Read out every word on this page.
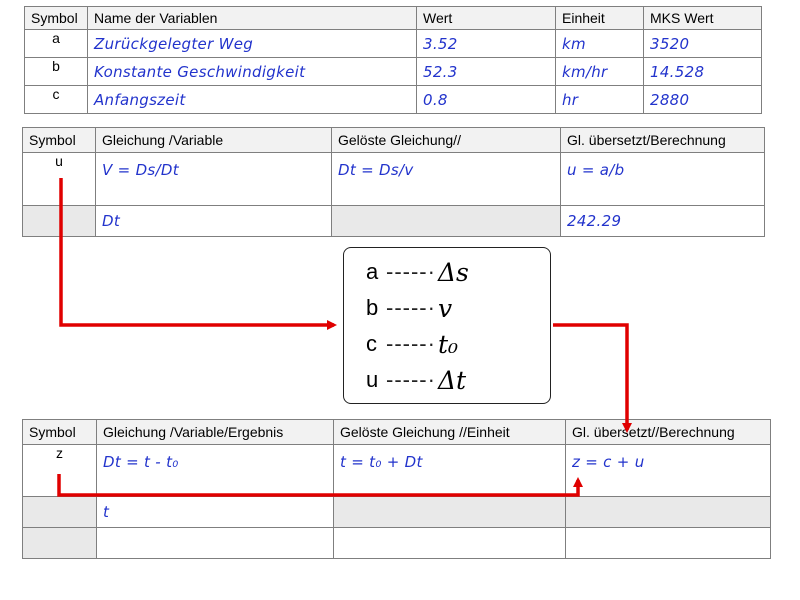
Symbol	Name der Variablen	Wert	Einheit	MKS Wert
a	Zurückgelegter Weg	3.52	km	3520
b	Konstante Geschwindigkeit	52.3	km/hr	14.528
c	Anfangszeit	0.8	hr	2880
Symbol	Gleichung /Variable	Gelöste Gleichung//	Gl. übersetzt/Berechnung
u	V = Ds/Dt	Dt = Ds/v	u = a/b
	Dt		242.29
a -----· Δs
b -----· v
c -----· t₀
u -----· Δt
Symbol	Gleichung /Variable/Ergebnis	Gelöste Gleichung //Einheit	Gl. übersetzt//Berechnung
z	Dt = t - t₀	t = t₀ + Dt	z = c + u
	t		
